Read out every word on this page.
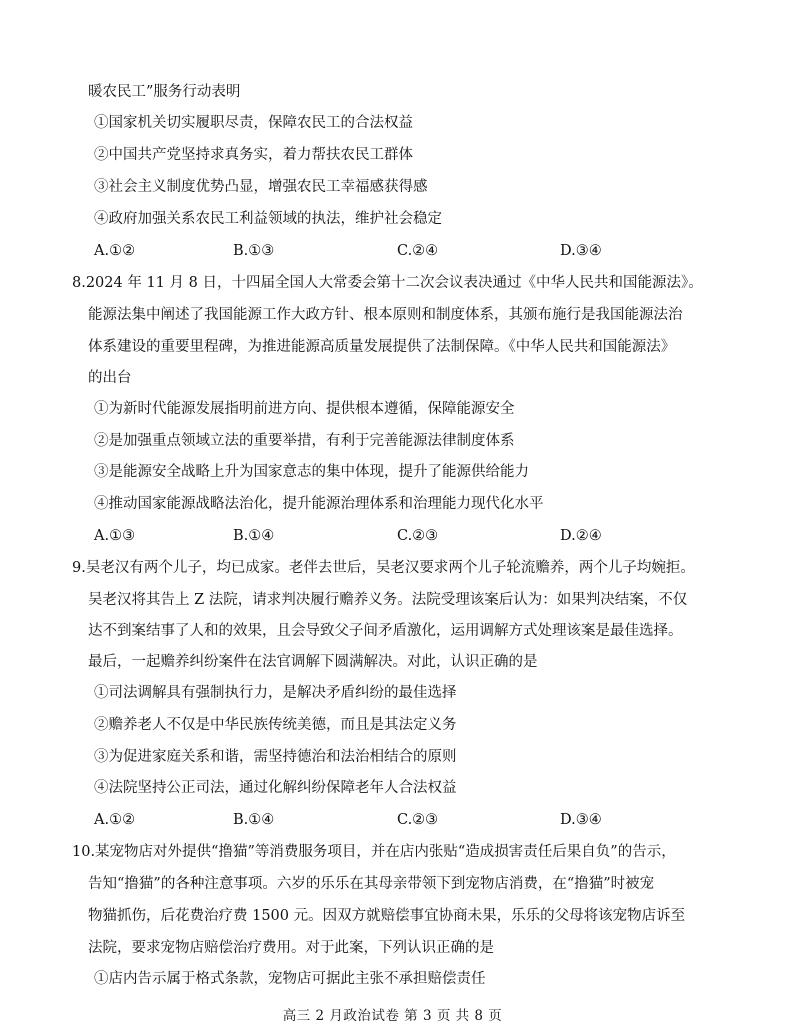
暖农民工”服务行动表明
①国家机关切实履职尽责，保障农民工的合法权益
②中国共产党坚持求真务实，着力帮扶农民工群体
③社会主义制度优势凸显，增强农民工幸福感获得感
④政府加强关系农民工利益领域的执法，维护社会稳定
A.①②	B.①③	C.②④	D.③④
8.2024 年 11 月 8 日，十四届全国人大常委会第十二次会议表决通过《中华人民共和国能源法》。
能源法集中阐述了我国能源工作大政方针、根本原则和制度体系，其颁布施行是我国能源法治
体系建设的重要里程碑，为推进能源高质量发展提供了法制保障。《中华人民共和国能源法》
的出台
①为新时代能源发展指明前进方向、提供根本遵循，保障能源安全
②是加强重点领域立法的重要举措，有利于完善能源法律制度体系
③是能源安全战略上升为国家意志的集中体现，提升了能源供给能力
④推动国家能源战略法治化，提升能源治理体系和治理能力现代化水平
A.①③	B.①④	C.②③	D.②④
9.吴老汉有两个儿子，均已成家。老伴去世后，吴老汉要求两个儿子轮流赡养，两个儿子均婉拒。
吴老汉将其告上 Z 法院，请求判决履行赡养义务。法院受理该案后认为：如果判决结案，不仅
达不到案结事了人和的效果，且会导致父子间矛盾激化，运用调解方式处理该案是最佳选择。
最后，一起赡养纠纷案件在法官调解下圆满解决。对此，认识正确的是
①司法调解具有强制执行力，是解决矛盾纠纷的最佳选择
②赡养老人不仅是中华民族传统美德，而且是其法定义务
③为促进家庭关系和谐，需坚持德治和法治相结合的原则
④法院坚持公正司法，通过化解纠纷保障老年人合法权益
A.①②	B.①④	C.②③	D.③④
10.某宠物店对外提供“撸猫”等消费服务项目，并在店内张贴“造成损害责任后果自负”的告示，
告知“撸猫”的各种注意事项。六岁的乐乐在其母亲带领下到宠物店消费，在“撸猫”时被宠
物猫抓伤，后花费治疗费 1500 元。因双方就赔偿事宜协商未果，乐乐的父母将该宠物店诉至
法院，要求宠物店赔偿治疗费用。对于此案，下列认识正确的是
①店内告示属于格式条款，宠物店可据此主张不承担赔偿责任
高三 2 月政治试卷 第 3 页 共 8 页
